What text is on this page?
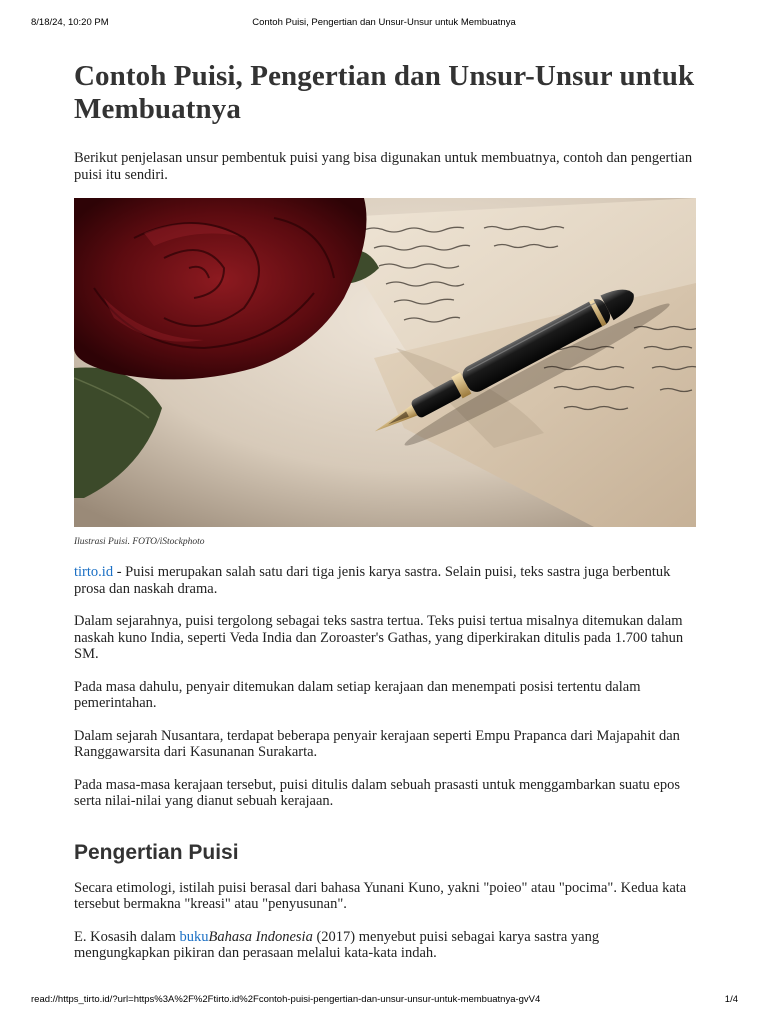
8/18/24, 10:20 PM	Contoh Puisi, Pengertian dan Unsur-Unsur untuk Membuatnya
Contoh Puisi, Pengertian dan Unsur-Unsur untuk Membuatnya

Berikut penjelasan unsur pembentuk puisi yang bisa digunakan untuk membuatnya, contoh dan pengertian puisi itu sendiri.

Ilustrasi Puisi. FOTO/iStockphoto

tirto.id - Puisi merupakan salah satu dari tiga jenis karya sastra. Selain puisi, teks sastra juga berbentuk prosa dan naskah drama.

Dalam sejarahnya, puisi tergolong sebagai teks sastra tertua. Teks puisi tertua misalnya ditemukan dalam naskah kuno India, seperti Veda India dan Zoroaster's Gathas, yang diperkirakan ditulis pada 1.700 tahun SM.

Pada masa dahulu, penyair ditemukan dalam setiap kerajaan dan menempati posisi tertentu dalam pemerintahan.

Dalam sejarah Nusantara, terdapat beberapa penyair kerajaan seperti Empu Prapanca dari Majapahit dan Ranggawarsita dari Kasunanan Surakarta.

Pada masa-masa kerajaan tersebut, puisi ditulis dalam sebuah prasasti untuk menggambarkan suatu epos serta nilai-nilai yang dianut sebuah kerajaan.

Pengertian Puisi

Secara etimologi, istilah puisi berasal dari bahasa Yunani Kuno, yakni "poieo" atau "pocima". Kedua kata tersebut bermakna "kreasi" atau "penyusunan".

E. Kosasih dalam bukuBahasa Indonesia (2017) menyebut puisi sebagai karya sastra yang mengungkapkan pikiran dan perasaan melalui kata-kata indah.

read://https_tirto.id/?url=https%3A%2F%2Ftirto.id%2Fcontoh-puisi-pengertian-dan-unsur-unsur-untuk-membuatnya-gvV4	1/4
